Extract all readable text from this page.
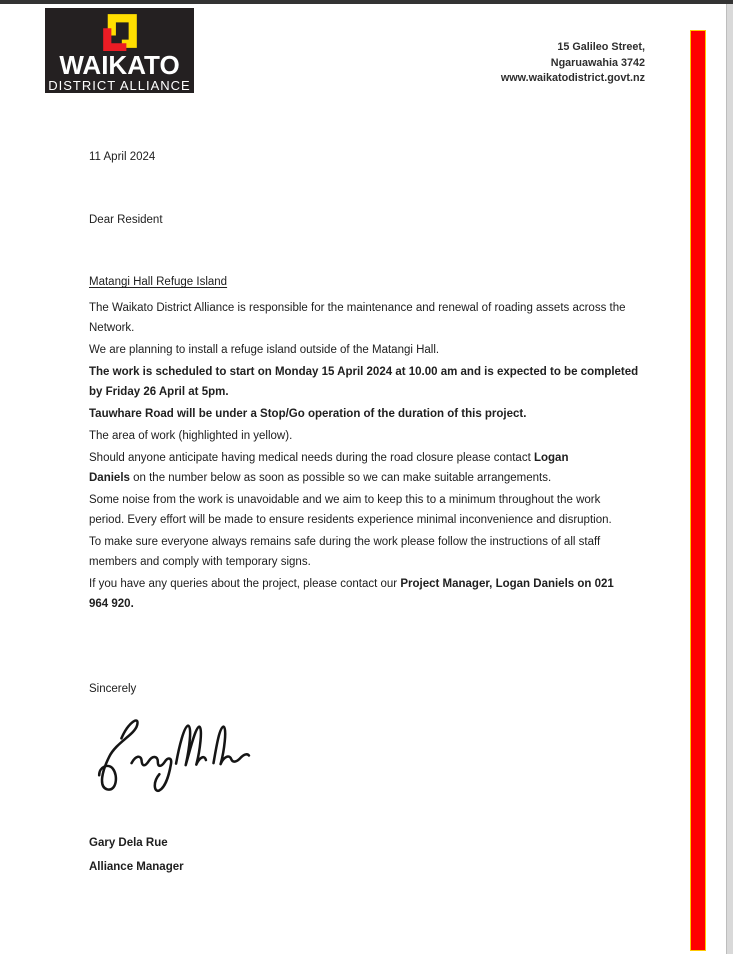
WAIKATO
DISTRICT ALLIANCE
15 Galileo Street,
Ngaruawahia 3742
www.waikatodistrict.govt.nz

11 April 2024

Dear Resident

Matangi Hall Refuge Island

The Waikato District Alliance is responsible for the maintenance and renewal of roading assets across the Network.

We are planning to install a refuge island outside of the Matangi Hall.

The work is scheduled to start on Monday 15 April 2024 at 10.00 am and is expected to be completed by Friday 26 April at 5pm.

Tauwhare Road will be under a Stop/Go operation of the duration of this project.

The area of work (highlighted in yellow).

Should anyone anticipate having medical needs during the road closure please contact Logan Daniels on the number below as soon as possible so we can make suitable arrangements.

Some noise from the work is unavoidable and we aim to keep this to a minimum throughout the work period. Every effort will be made to ensure residents experience minimal inconvenience and disruption.

To make sure everyone always remains safe during the work please follow the instructions of all staff members and comply with temporary signs.

If you have any queries about the project, please contact our Project Manager, Logan Daniels on 021 964 920.

Sincerely

Gary Dela Rue

Alliance Manager
